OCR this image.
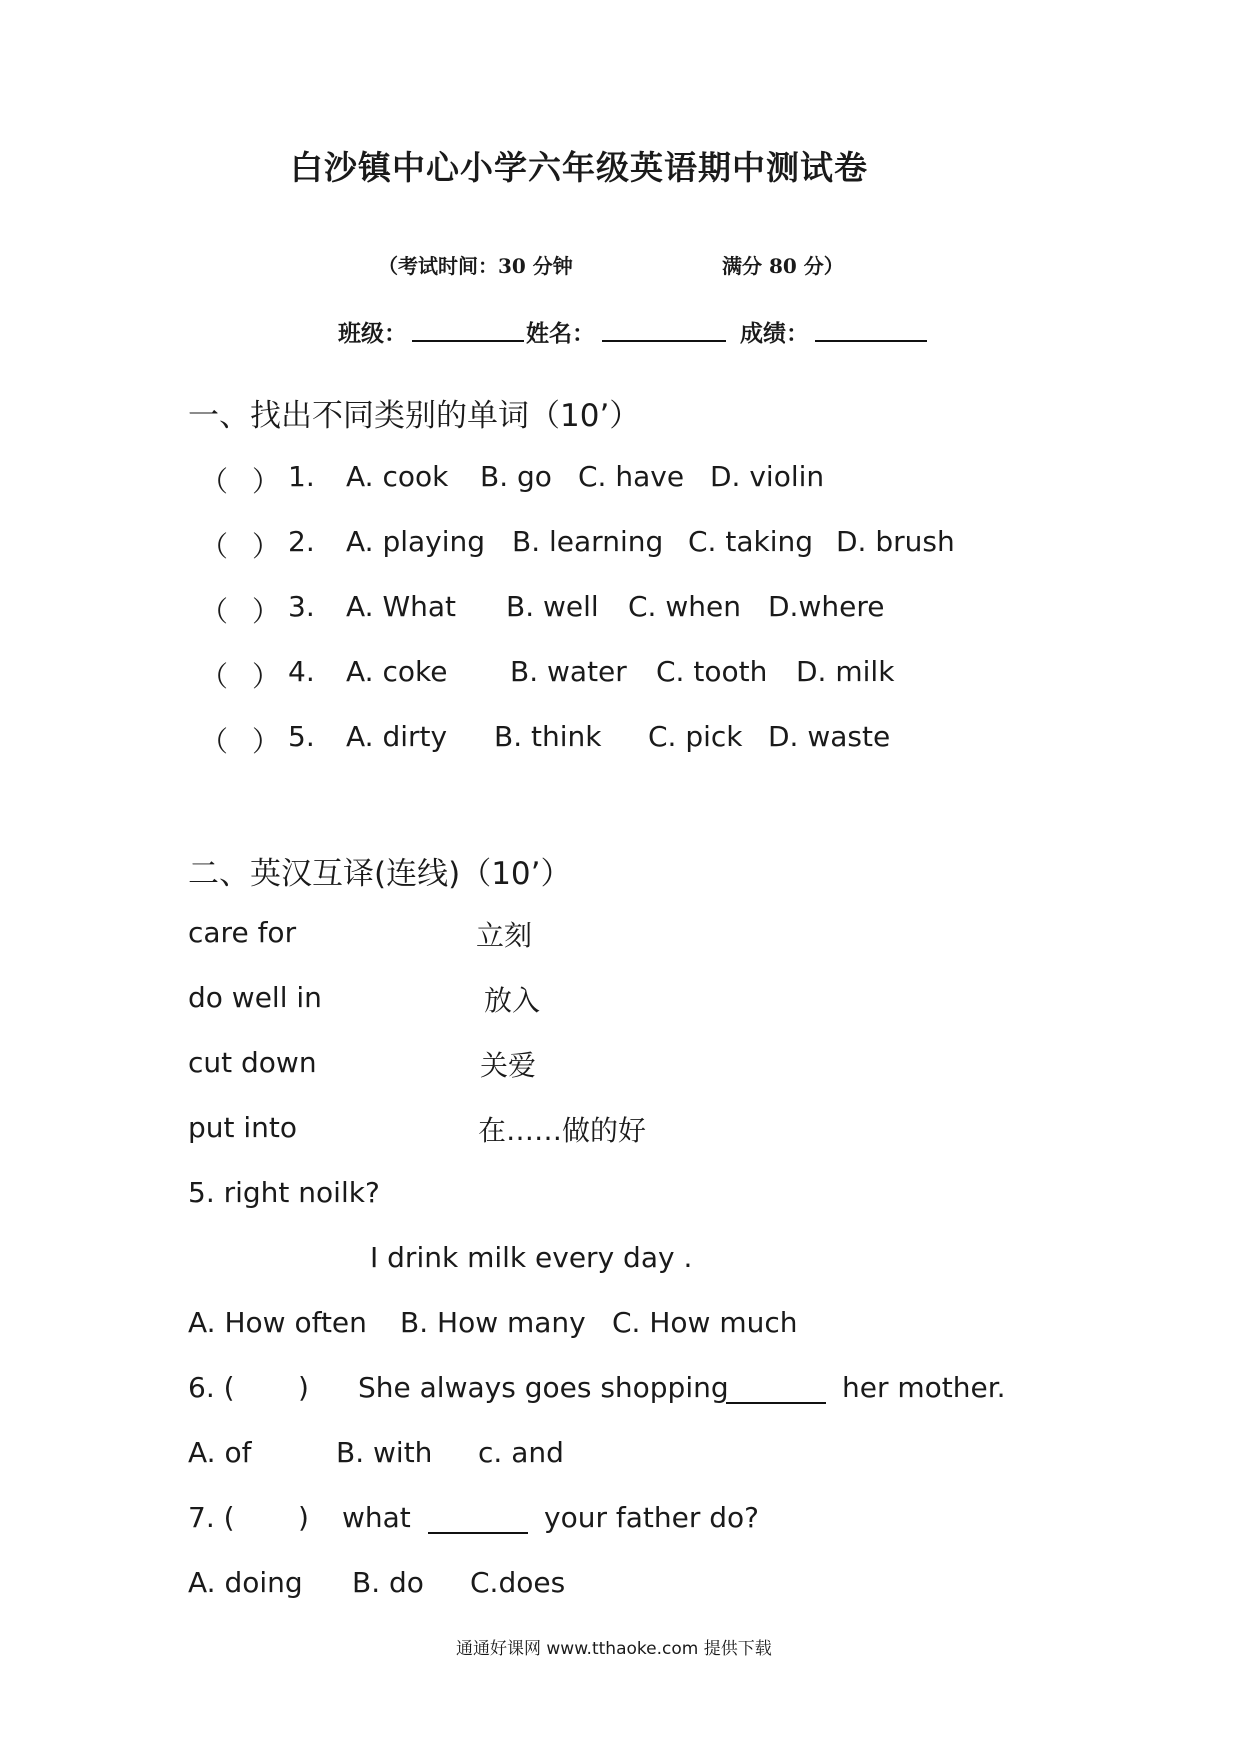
白沙镇中心小学六年级英语期中测试卷
（考试时间：30 分钟	满分 80 分）
班级：	姓名：	成绩：
一、找出不同类别的单词（10’）
（ ） 1. A. cook B. go C. have D. violin
（ ） 2. A. playing B. learning C. taking D. brush
（ ） 3. A. What B. well C. when D.where
（ ） 4. A. coke B. water C. tooth D. milk
（ ） 5. A. dirty B. think C. pick D. waste
二、英汉互译(连线)（10’）
care for	立刻
do well in	放入
cut down	关爱
put into	在……做的好
5. right noilk?
I drink milk every day .
A. How often B. How many C. How much
6. ( ) She always goes shopping	her mother.
A. of	B. with c. and
7. ( ) what	your father do?
A. doing B. do C.does
通通好课网 www.tthaoke.com 提供下载
